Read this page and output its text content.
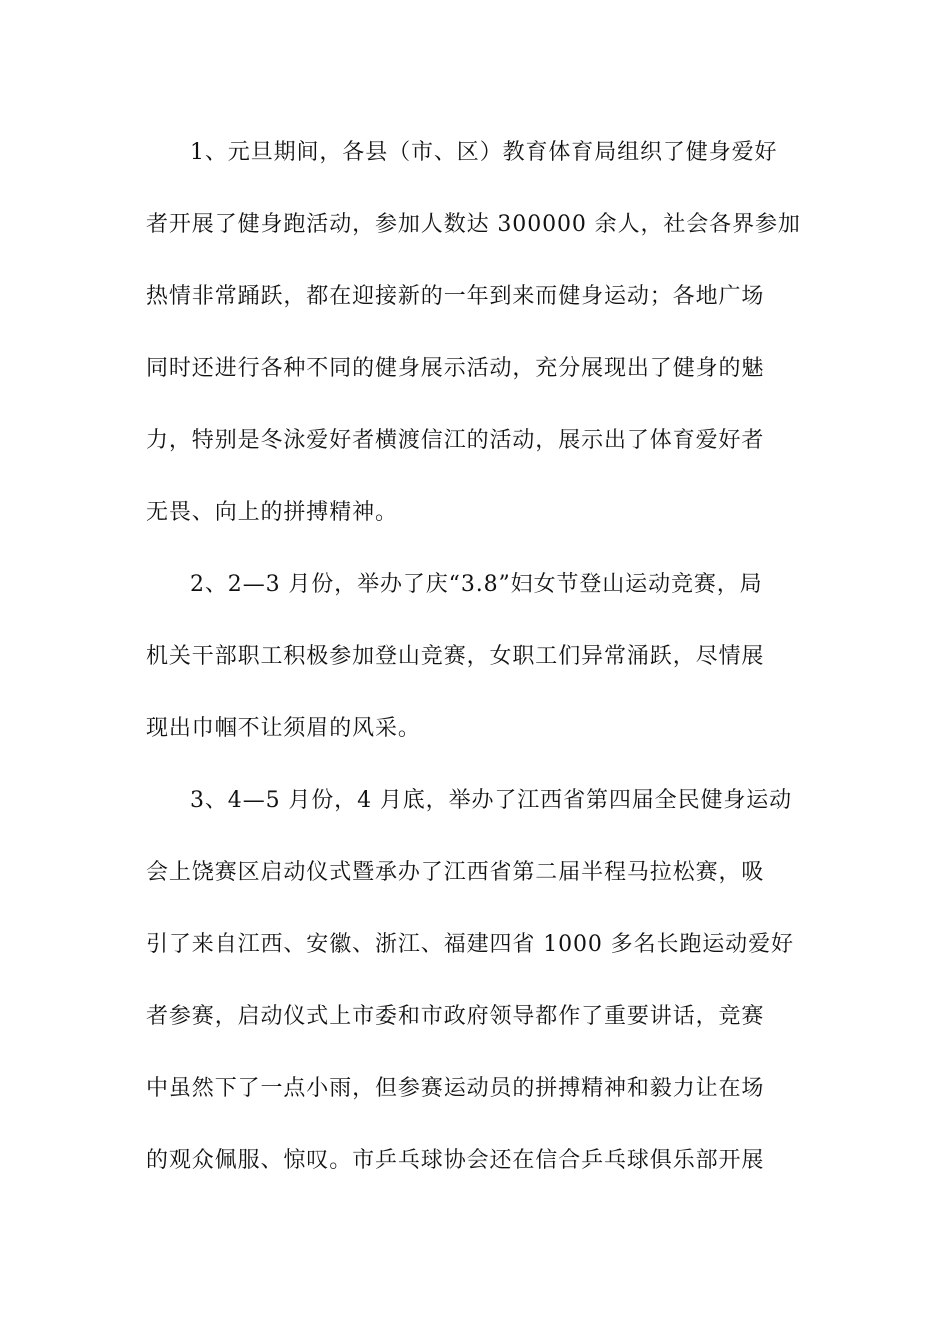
1、元旦期间，各县（市、区）教育体育局组织了健身爱好
者开展了健身跑活动，参加人数达 300000 余人，社会各界参加
热情非常踊跃，都在迎接新的一年到来而健身运动；各地广场
同时还进行各种不同的健身展示活动，充分展现出了健身的魅
力，特别是冬泳爱好者横渡信江的活动，展示出了体育爱好者
无畏、向上的拼搏精神。
2、2—3 月份，举办了庆“3.8”妇女节登山运动竞赛，局
机关干部职工积极参加登山竞赛，女职工们异常涌跃，尽情展
现出巾帼不让须眉的风采。
3、4—5 月份，4 月底，举办了江西省第四届全民健身运动
会上饶赛区启动仪式暨承办了江西省第二届半程马拉松赛，吸
引了来自江西、安徽、浙江、福建四省 1000 多名长跑运动爱好
者参赛，启动仪式上市委和市政府领导都作了重要讲话，竞赛
中虽然下了一点小雨，但参赛运动员的拼搏精神和毅力让在场
的观众佩服、惊叹。市乒乓球协会还在信合乒乓球俱乐部开展
